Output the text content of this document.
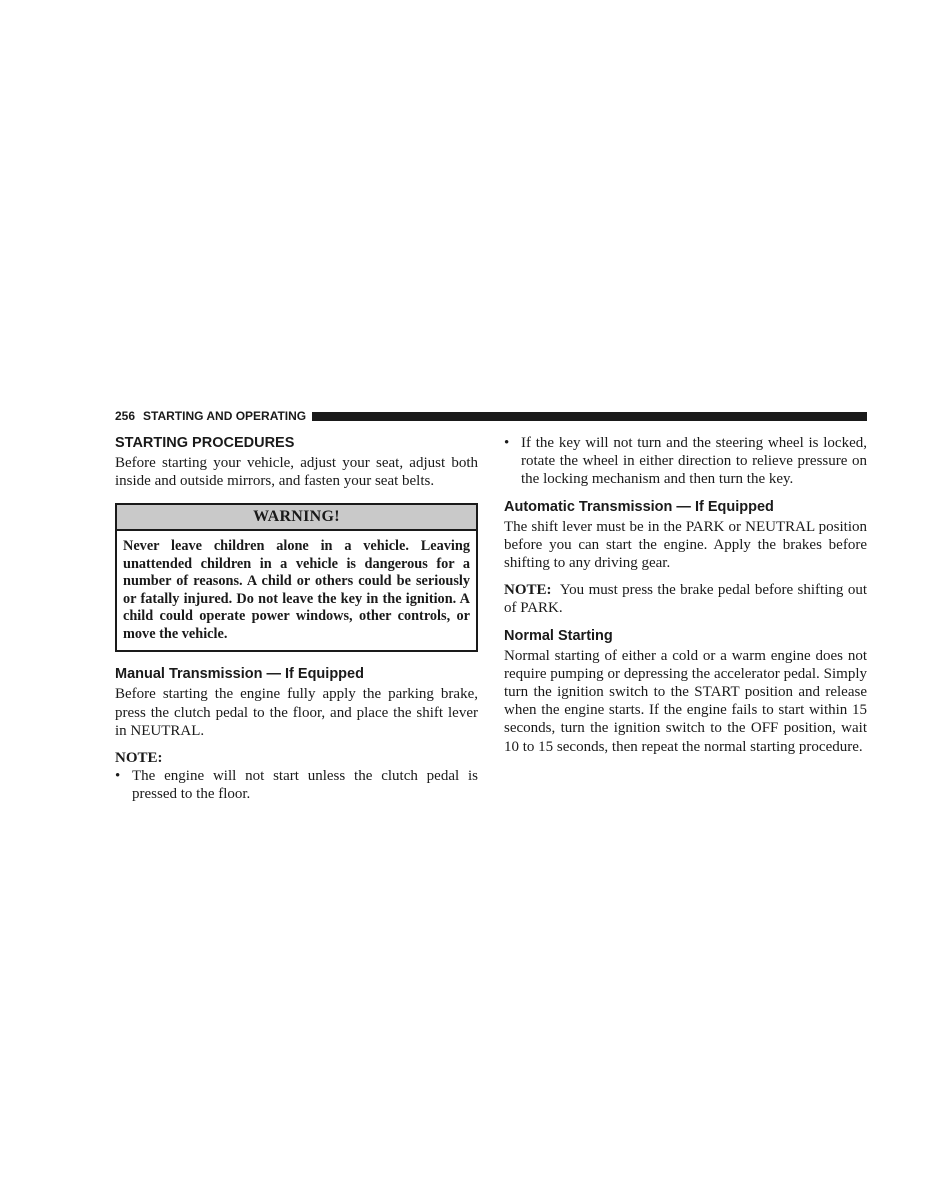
256 STARTING AND OPERATING
STARTING PROCEDURES

Before starting your vehicle, adjust your seat, adjust both inside and outside mirrors, and fasten your seat belts.

WARNING!
Never leave children alone in a vehicle. Leaving unattended children in a vehicle is dangerous for a number of reasons. A child or others could be seriously or fatally injured. Do not leave the key in the ignition. A child could operate power windows, other controls, or move the vehicle.
Manual Transmission — If Equipped

Before starting the engine fully apply the parking brake, press the clutch pedal to the floor, and place the shift lever in NEUTRAL.

NOTE:

• The engine will not start unless the clutch pedal is pressed to the floor.
• If the key will not turn and the steering wheel is locked, rotate the wheel in either direction to relieve pressure on the locking mechanism and then turn the key.
Automatic Transmission — If Equipped

The shift lever must be in the PARK or NEUTRAL position before you can start the engine. Apply the brakes before shifting to any driving gear.

NOTE: You must press the brake pedal before shifting out of PARK.

Normal Starting

Normal starting of either a cold or a warm engine does not require pumping or depressing the accelerator pedal. Simply turn the ignition switch to the START position and release when the engine starts. If the engine fails to start within 15 seconds, turn the ignition switch to the OFF position, wait 10 to 15 seconds, then repeat the normal starting procedure.
